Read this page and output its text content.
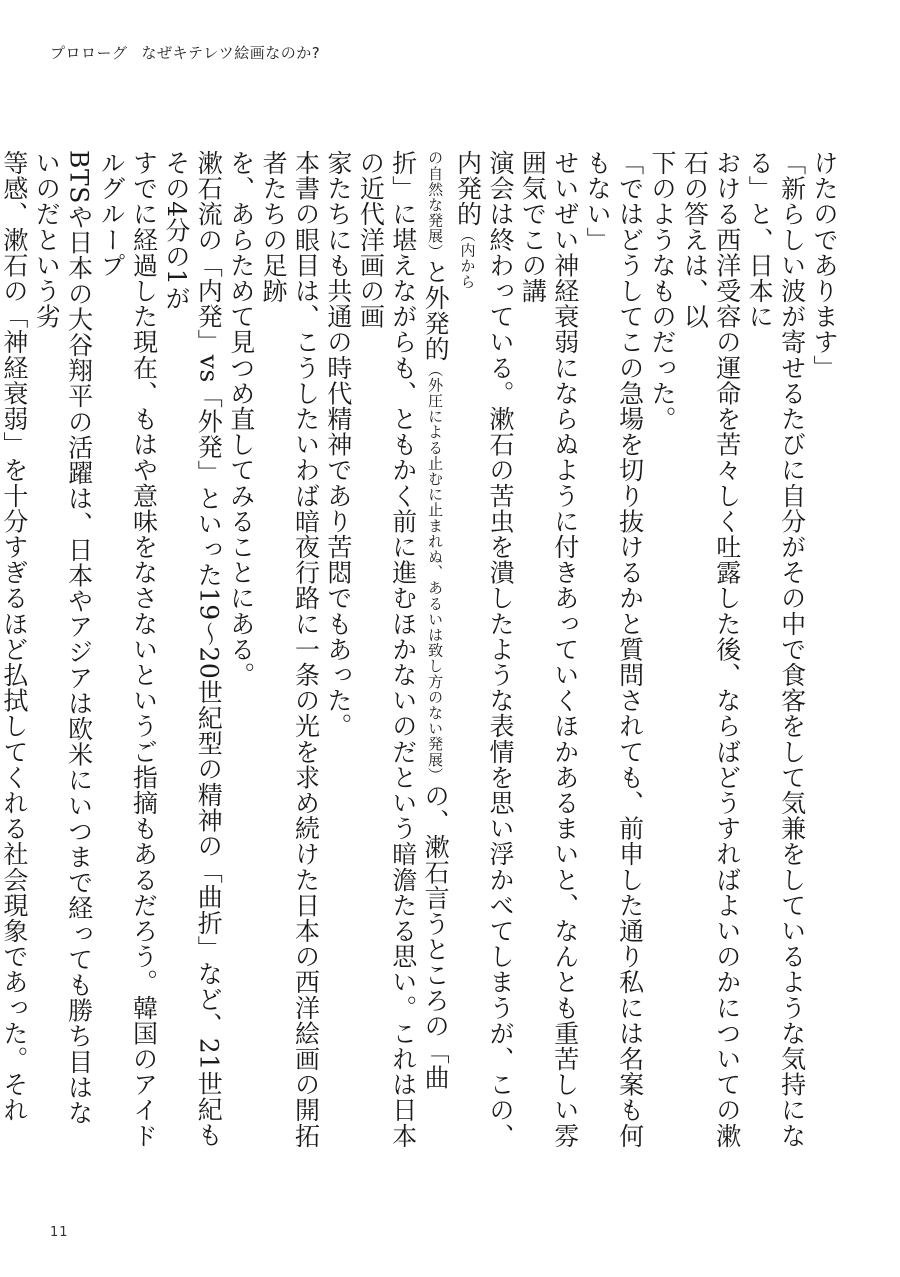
プロローグ なぜキテレツ絵画なのか?

けたのであります」

「新らしい波が寄せるたびに自分がその中で食客をして気兼をしているような気持になる」と、日本に

おける西洋受容の運命を苦々しく吐露した後、ならばどうすればよいのかについての漱石の答えは、以

下のようなものだった。

「ではどうしてこの急場を切り抜けるかと質問されても、前申した通り私には名案も何もない」

せいぜい神経衰弱にならぬように付きあっていくほかあるまいと、なんとも重苦しい雰囲気でこの講

演会は終わっている。漱石の苦虫を潰したような表情を思い浮かべてしまうが、この、内発的（内から

の自然な発展）と外発的（外圧による止むに止まれぬ、あるいは致し方のない発展）の、漱石言うところの「曲

折」に堪えながらも、ともかく前に進むほかないのだという暗澹たる思い。これは日本の近代洋画の画

家たちにも共通の時代精神であり苦悶でもあった。

本書の眼目は、こうしたいわば暗夜行路に一条の光を求め続けた日本の西洋絵画の開拓者たちの足跡

を、あらためて見つめ直してみることにある。

漱石流の「内発」vs「外発」といった19〜20世紀型の精神の「曲折」など、21世紀もその4分の1が

すでに経過した現在、もはや意味をなさないというご指摘もあるだろう。韓国のアイドルグループ

BTSや日本の大谷翔平の活躍は、日本やアジアは欧米にいつまで経っても勝ち目はないのだという劣

等感、漱石の「神経衰弱」を十分すぎるほど払拭してくれる社会現象であった。それ

11
